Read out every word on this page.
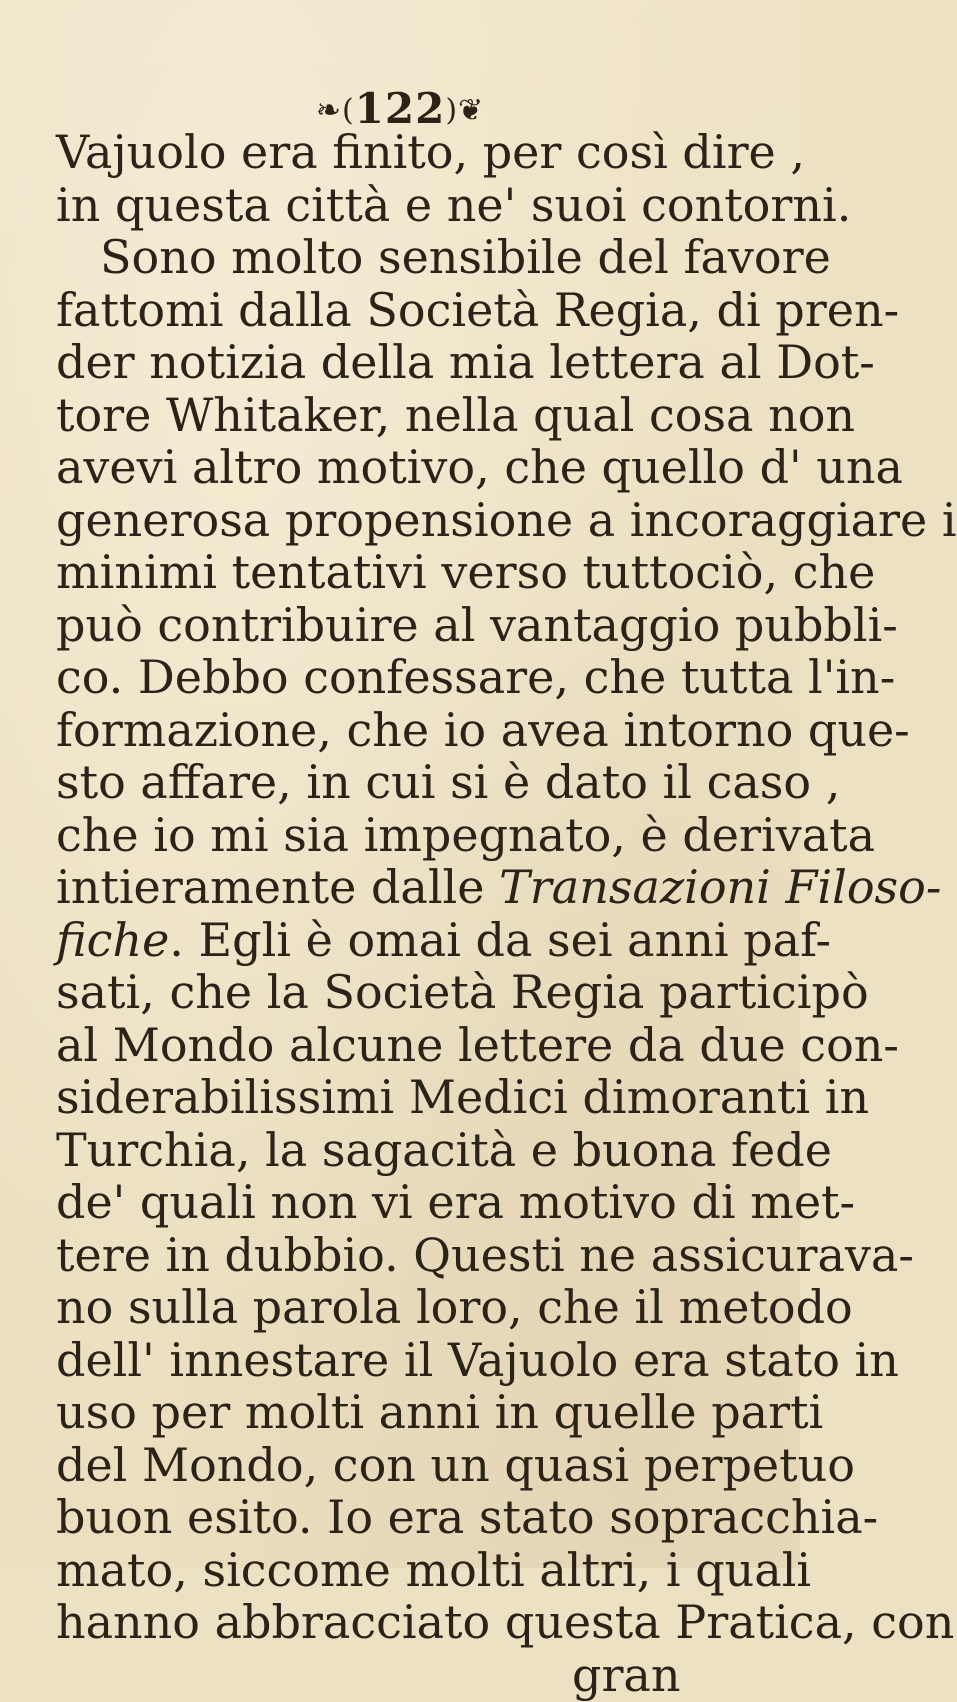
❧(122)❦
Vajuolo era finito, per così dire ,
in questa città e ne' suoi contorni.
Sono molto sensibile del favore
fattomi dalla Società Regia, di pren-
der notizia della mia lettera al Dot-
tore Whitaker, nella qual cosa non
avevi altro motivo, che quello d' una
generosa propensione a incoraggiare i
minimi tentativi verso tuttociò, che
può contribuire al vantaggio pubbli-
co. Debbo confessare, che tutta l'in-
formazione, che io avea intorno que-
sto affare, in cui si è dato il caso ,
che io mi sia impegnato, è derivata
intieramente dalle Transazioni Filoso-
fiche. Egli è omai da sei anni paf-
sati, che la Società Regia participò
al Mondo alcune lettere da due con-
siderabilissimi Medici dimoranti in
Turchia, la sagacità e buona fede
de' quali non vi era motivo di met-
tere in dubbio. Questi ne assicurava-
no sulla parola loro, che il metodo
dell' innestare il Vajuolo era stato in
uso per molti anni in quelle parti
del Mondo, con un quasi perpetuo
buon esito. Io era stato sopracchia-
mato, siccome molti altri, i quali
hanno abbracciato questa Pratica, con
gran
